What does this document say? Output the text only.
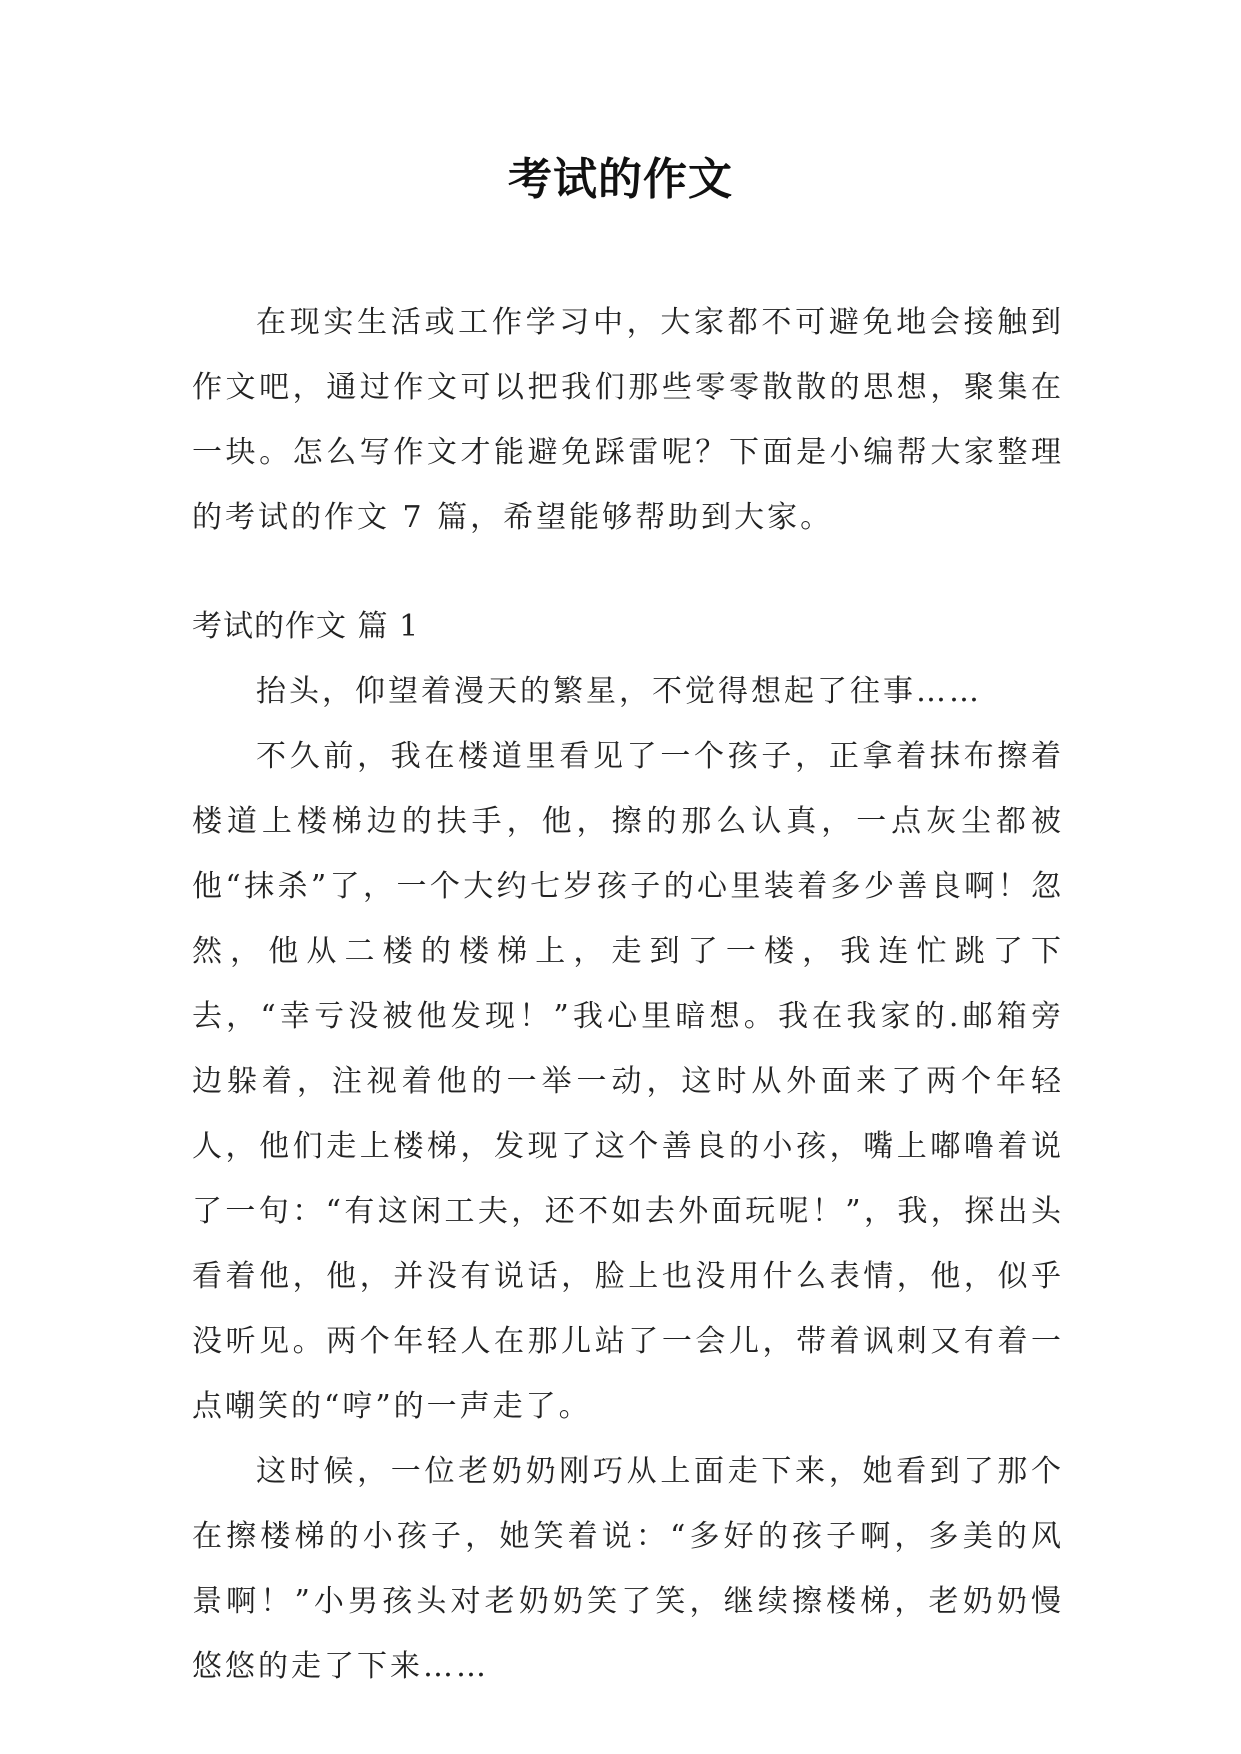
考试的作文

在现实生活或工作学习中，大家都不可避免地会接触到作文吧，通过作文可以把我们那些零零散散的思想，聚集在一块。怎么写作文才能避免踩雷呢？下面是小编帮大家整理的考试的作文 7 篇，希望能够帮助到大家。

考试的作文 篇 1

抬头，仰望着漫天的繁星，不觉得想起了往事……

不久前，我在楼道里看见了一个孩子，正拿着抹布擦着楼道上楼梯边的扶手，他，擦的那么认真，一点灰尘都被他“抹杀”了，一个大约七岁孩子的心里装着多少善良啊！忽然，他从二楼的楼梯上，走到了一楼，我连忙跳了下去，“幸亏没被他发现！”我心里暗想。我在我家的.邮箱旁边躲着，注视着他的一举一动，这时从外面来了两个年轻人，他们走上楼梯，发现了这个善良的小孩，嘴上嘟噜着说了一句：“有这闲工夫，还不如去外面玩呢！”，我，探出头看着他，他，并没有说话，脸上也没用什么表情，他，似乎没听见。两个年轻人在那儿站了一会儿，带着讽刺又有着一点嘲笑的“哼”的一声走了。

这时候，一位老奶奶刚巧从上面走下来，她看到了那个在擦楼梯的小孩子，她笑着说：“多好的孩子啊，多美的风景啊！”小男孩头对老奶奶笑了笑，继续擦楼梯，老奶奶慢悠悠的走了下来……
